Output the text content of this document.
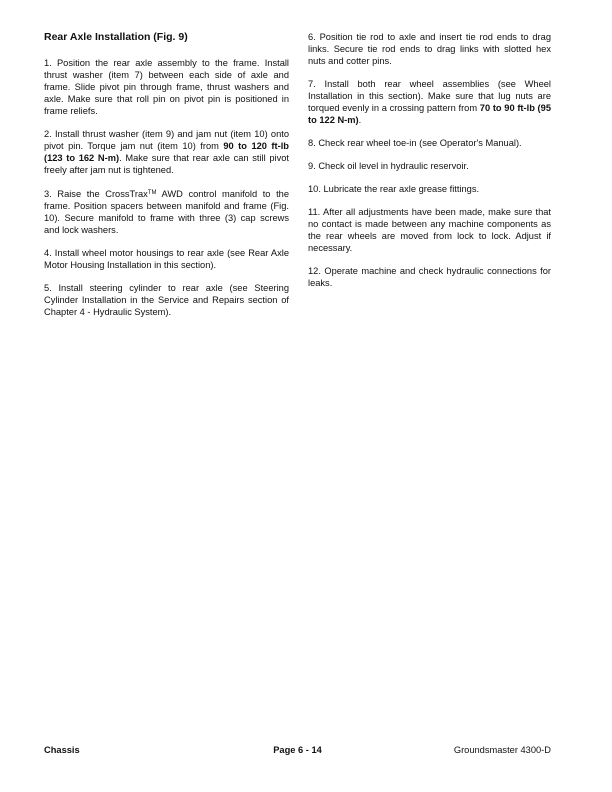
Rear Axle Installation (Fig. 9)

1. Position the rear axle assembly to the frame. Install thrust washer (item 7) between each side of axle and frame. Slide pivot pin through frame, thrust washers and axle. Make sure that roll pin on pivot pin is positioned in frame reliefs.

2. Install thrust washer (item 9) and jam nut (item 10) onto pivot pin. Torque jam nut (item 10) from 90 to 120 ft-lb (123 to 162 N-m). Make sure that rear axle can still pivot freely after jam nut is tightened.

3. Raise the CrossTrax™ AWD control manifold to the frame. Position spacers between manifold and frame (Fig. 10). Secure manifold to frame with three (3) cap screws and lock washers.

4. Install wheel motor housings to rear axle (see Rear Axle Motor Housing Installation in this section).

5. Install steering cylinder to rear axle (see Steering Cylinder Installation in the Service and Repairs section of Chapter 4 - Hydraulic System).

6. Position tie rod to axle and insert tie rod ends to drag links. Secure tie rod ends to drag links with slotted hex nuts and cotter pins.

7. Install both rear wheel assemblies (see Wheel Installation in this section). Make sure that lug nuts are torqued evenly in a crossing pattern from 70 to 90 ft-lb (95 to 122 N-m).

8. Check rear wheel toe-in (see Operator's Manual).

9. Check oil level in hydraulic reservoir.

10. Lubricate the rear axle grease fittings.

11. After all adjustments have been made, make sure that no contact is made between any machine components as the rear wheels are moved from lock to lock. Adjust if necessary.

12. Operate machine and check hydraulic connections for leaks.

Chassis	Page 6 - 14	Groundsmaster 4300-D
